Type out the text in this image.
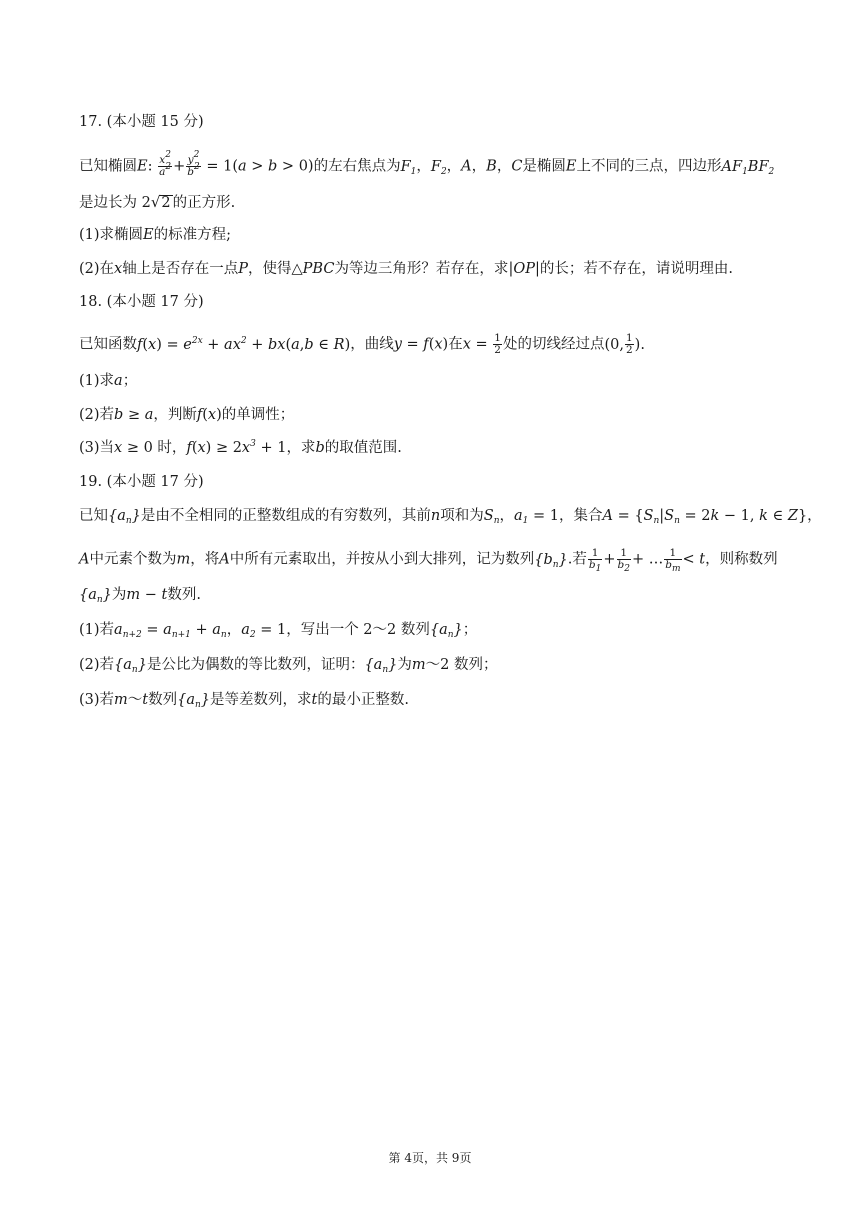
17. (本小题 15 分)
已知椭圆E: $\frac{x^2}{a^2} + \frac{y^2}{b^2} = 1(a > b > 0)$的左右焦点为$F_1$，$F_2$，A，B，C是椭圆E上不同的三点，四边形$AF_1BF_2$
是边长为 2√2 的正方形.
(1)求椭圆𝐸的标准方程;
(2)在x轴上是否存在一点P，使得△PBC为等边三角形？若存在，求|OP|的长；若不存在，请说明理由.
18. (本小题 17 分)
已知函数$f(x) = e^{2x} + ax^2 + bx(a,b$ ∈ R)，曲线y = f(x)在$x = \frac{1}{2}$ 处的切线经过点(0, $\frac{1}{2}$ ).
(1)求a；
(2)若b ≥ a，判断f(x)的单调性；
(3)当x ≥ 0 时，$f(x) \ge 2x^3 + 1$，求b的取值范围.
19. (本小题 17 分)
已知$\{a_n\}$是由不全相同的正整数组成的有穷数列，其前n项和为$S_n$，$a_1 = 1$，集合$A = \{S_n|S_n = 2k - 1$, k ∈ Z}，
A中元素个数为m，将A中所有元素取出，并按从小到大排列，记为数列$\{b_n\}$.若 $\frac{1}{b_1} + \frac{1}{b_2}$ + … $\frac{1}{b_m} < t$，则称数列
$\{a_n\}$为m − t数列.
(1)若$a_{n+2} = a_{n+1} + a_n$，$a_2 = 1$，写出一个 2～2 数列$\{a_n\}$；
(2)若$\{a_n\}$是公比为偶数的等比数列，证明：$\{a_n\}$为m～2 数列；
(3)若m～t数列$\{a_n\}$是等差数列，求t的最小正整数.
第 4页，共 9页
